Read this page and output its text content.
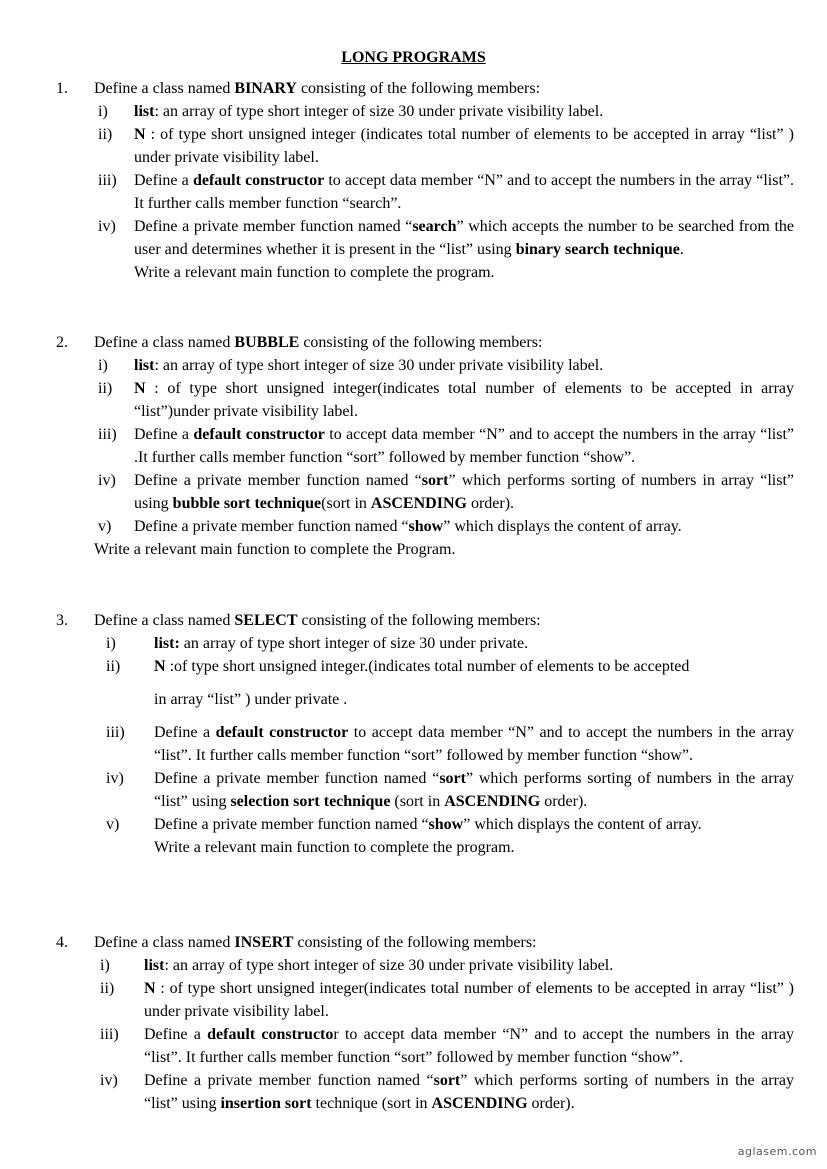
LONG PROGRAMS
1. Define a class named BINARY consisting of the following members:
i) list: an array of type short integer of size 30 under private visibility label.
ii) N : of type short unsigned integer (indicates total number of elements to be accepted in array “list” ) under private visibility label.
iii) Define a default constructor to accept data member “N” and to accept the numbers in the array “list”. It further calls member function “search”.
iv) Define a private member function named “search” which accepts the number to be searched from the user and determines whether it is present in the “list” using binary search technique.
Write a relevant main function to complete the program.
2. Define a class named BUBBLE consisting of the following members:
i) list: an array of type short integer of size 30 under private visibility label.
ii) N : of type short unsigned integer(indicates total number of elements to be accepted in array “list”)under private visibility label.
iii) Define a default constructor to accept data member “N” and to accept the numbers in the array “list” .It further calls member function “sort” followed by member function “show”.
iv) Define a private member function named “sort” which performs sorting of numbers in array “list” using bubble sort technique(sort in ASCENDING order).
v) Define a private member function named “show” which displays the content of array.
Write a relevant main function to complete the Program.
3. Define a class named SELECT consisting of the following members:
i) list: an array of type short integer of size 30 under private.
ii) N :of type short unsigned integer.(indicates total number of elements to be accepted
in array “list” ) under private .
iii) Define a default constructor to accept data member “N” and to accept the numbers in the array “list”. It further calls member function “sort” followed by member function “show”.
iv) Define a private member function named “sort” which performs sorting of numbers in the array “list” using selection sort technique (sort in ASCENDING order).
v) Define a private member function named “show” which displays the content of array.
Write a relevant main function to complete the program.
4. Define a class named INSERT consisting of the following members:
i) list: an array of type short integer of size 30 under private visibility label.
ii) N : of type short unsigned integer(indicates total number of elements to be accepted in array “list” ) under private visibility label.
iii) Define a default constructor to accept data member “N” and to accept the numbers in the array “list”. It further calls member function “sort” followed by member function “show”.
iv) Define a private member function named “sort” which performs sorting of numbers in the array “list” using insertion sort technique (sort in ASCENDING order).
aglasem.com
